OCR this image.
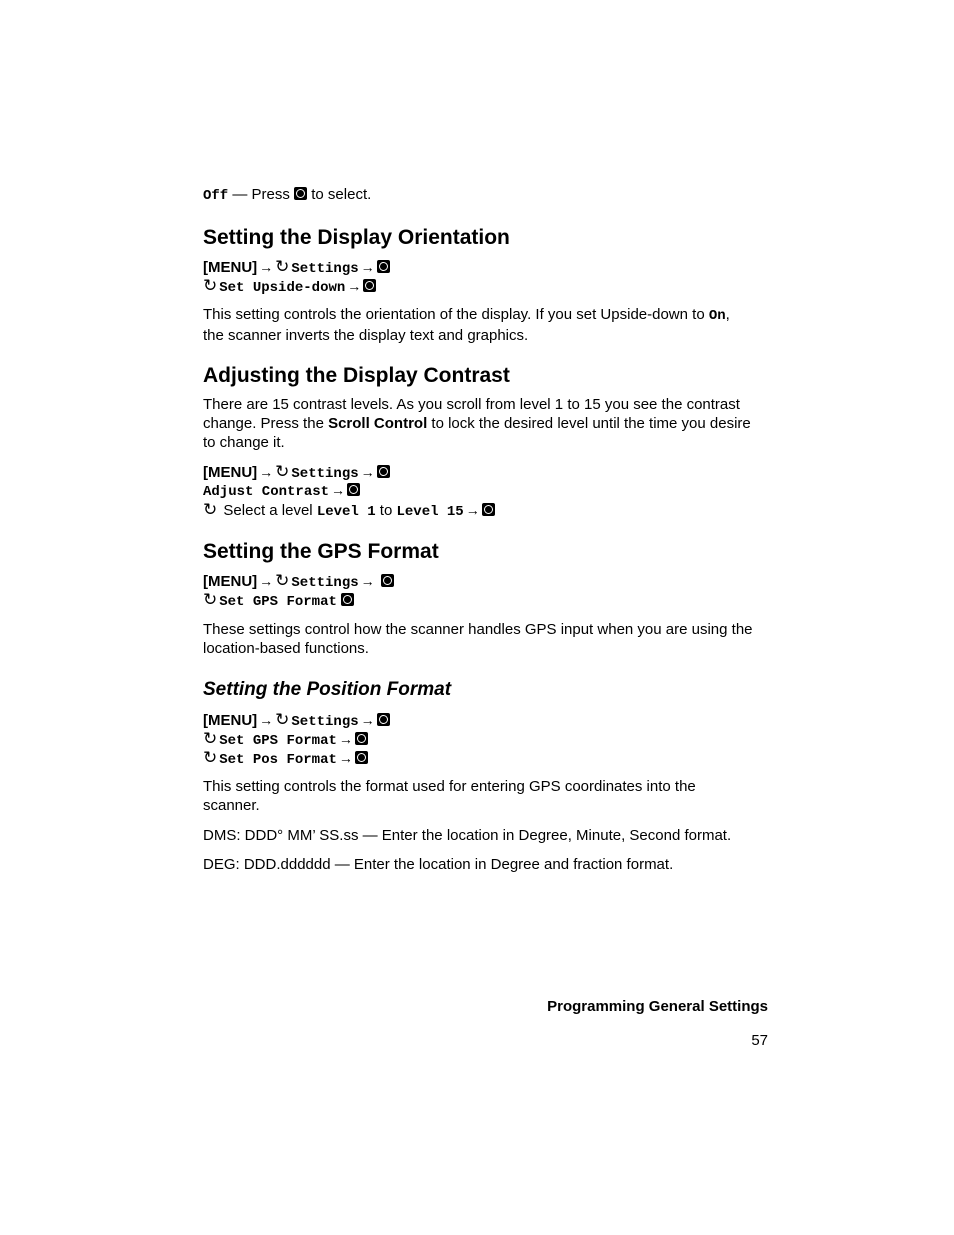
Off — Press  to select.
Setting the Display Orientation
[MENU] → ↻ Settings →
↻ Set Upside-down →

This setting controls the orientation of the display. If you set Upside-down to On,

the scanner inverts the display text and graphics.

Adjusting the Display Contrast

There are 15 contrast levels. As you scroll from level 1 to 15 you see the contrast

change. Press the Scroll Control to lock the desired level until the time you desire

to change it.

[MENU] → ↻ Settings →
Adjust Contrast →
↻ Select a level Level 1 to Level 15 →
Setting the GPS Format
[MENU] → ↻ Settings →
↻ Set GPS Format

These settings control how the scanner handles GPS input when you are using the

location-based functions.

Setting the Position Format
[MENU] → ↻ Settings →
↻ Set GPS Format →
↻ Set Pos Format →

This setting controls the format used for entering GPS coordinates into the

scanner.

DMS: DDD° MM’ SS.ss — Enter the location in Degree, Minute, Second format.

DEG: DDD.dddddd — Enter the location in Degree and fraction format.

Programming General Settings
57
